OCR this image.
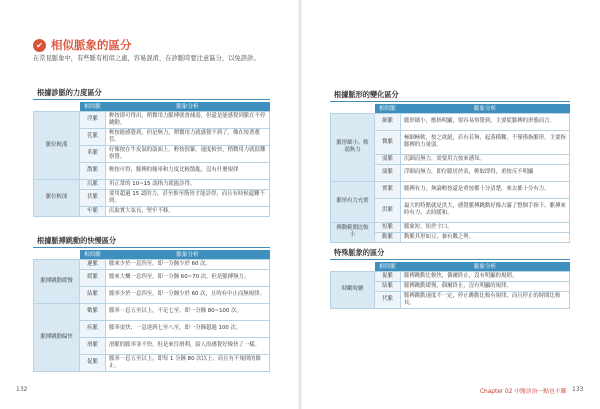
✔ 相似脈象的區分
在常見脈象中，有些脈有相似之處，容易混淆，在診脈時要注意區分，以免誤診。
根據診脈的力度區分
	相似脈	脈象分析
脈位較淺	浮脈	輕按即可得出，稍微用力脈搏就會減弱，但還是能感覺到脈在不停跳動。
	芤脈	輕按能感覺到，但是無力，稍微用力就感覺不到了，像在按著蔥管。
	革脈	好像按在牛皮鼓的鼓面上，輕按很緊，速度較快，稍微用力就很難察覺。
	散脈	輕按可得，脈搏的頻率和力度比較散亂，沒有什麼規律
脈位較深	沉脈	用正常的 10~15 認指力就能診得。
	伏脈	要用超過 15 認的力，甚至推至筋骨才能診得，而且有時候還難不到。
	牢脈	沉取實大弦長，堅牢不移。
根據脈搏跳動的快慢區分
	相似脈	脈象分析
脈搏跳動緩慢	遲脈	脈來少於一息四至，即一分鐘少於 60 次。
	緩脈	脈來大概一息四至，即一分鐘 60~70 次，但是脈搏無力。
	結脈	脈率少於一息四至，即一分鐘少於 60 次，且時有中止而無規律。
脈搏跳動偏快	數脈	脈率一息五至以上，不足七至，即一分鐘 80~100 次。
	疾脈	脈率更快，一息達到七至八至，即一分鐘超過 100 次。
	滑脈	滑脈的脈率並不快，但是來往滑利，給人的感覺好像快了一樣。
	促脈	脈率一息五至以上，即每 1 分鐘 80 次以上，而且有不規則的歇止。
132
根據脈形的變化區分
	相似脈	脈象分析
脈形細小、軟弱無力	細脈	脈形細小，應指明顯，很容易察覺到，主要從脈搏的形態而言。
	微脈	極細極軟，按之欲絕，若有若無，起落模糊，不僅僅指脈形，主要指脈搏的力量弱。
	弱脈	沉細而無力，需要用力按來感知。
	濡脈	浮細而無力，即位脈居於表，輕取即得，重按反不明顯
脈形有力充實	實脈	脈搏有力，無論輕按還是重按都十分清楚，來去都十分有力。
	洪脈	最大的特點就是洪大，感覺脈搏跳動好像占滿了整個手指下，脈搏來時有力，去時緩和。
搏動範圍比較小	短脈	脈象短，短於寸口。
	動脈	動脈其形如豆，兼有數之勢。
特殊脈象的區分
	相似脈	脈象分析
時斷時續	促脈	脈搏跳動比較快，偶爾終止，沒有明顯的規則。
	結脈	脈搏跳動緩慢，偶爾終止，沒有明顯的規律。
	代脈	脈搏跳動速度不一定，停止跳動比較有規律，而且停止的時間比較長。
Chapter 02 中醫診治一點也不難 133
